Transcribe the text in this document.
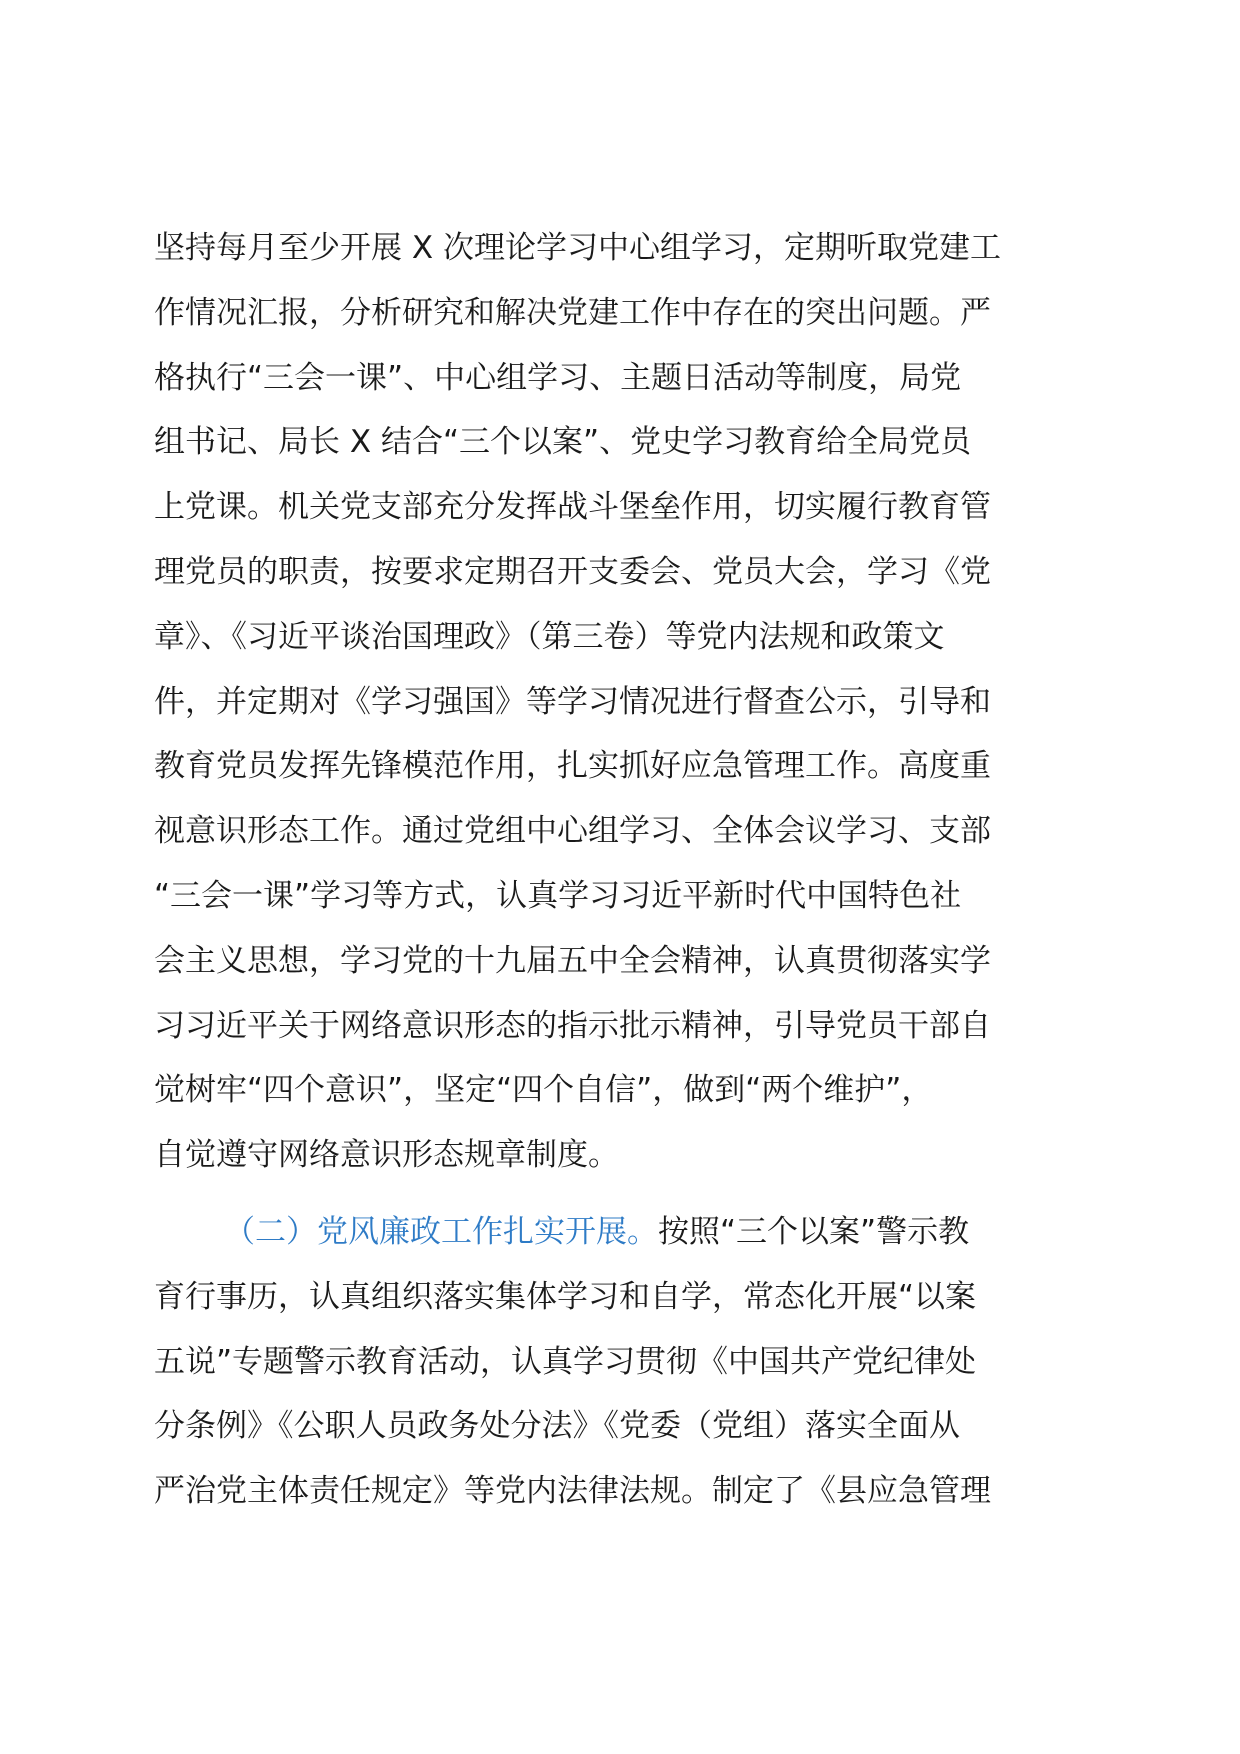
坚持每月至少开展 X 次理论学习中心组学习，定期听取党建工
作情况汇报，分析研究和解决党建工作中存在的突出问题。严
格执行“三会一课”、中心组学习、主题日活动等制度，局党
组书记、局长 X 结合“三个以案”、党史学习教育给全局党员
上党课。机关党支部充分发挥战斗堡垒作用，切实履行教育管
理党员的职责，按要求定期召开支委会、党员大会，学习《党
章》、《习近平谈治国理政》（第三卷）等党内法规和政策文
件，并定期对《学习强国》等学习情况进行督查公示，引导和
教育党员发挥先锋模范作用，扎实抓好应急管理工作。高度重
视意识形态工作。通过党组中心组学习、全体会议学习、支部
“三会一课”学习等方式，认真学习习近平新时代中国特色社
会主义思想，学习党的十九届五中全会精神，认真贯彻落实学
习习近平关于网络意识形态的指示批示精神，引导党员干部自
觉树牢“四个意识”，坚定“四个自信”，做到“两个维护”，
自觉遵守网络意识形态规章制度。
（二）党风廉政工作扎实开展。按照“三个以案”警示教
育行事历，认真组织落实集体学习和自学，常态化开展“以案
五说”专题警示教育活动，认真学习贯彻《中国共产党纪律处
分条例》《公职人员政务处分法》《党委（党组）落实全面从
严治党主体责任规定》等党内法律法规。制定了《县应急管理
